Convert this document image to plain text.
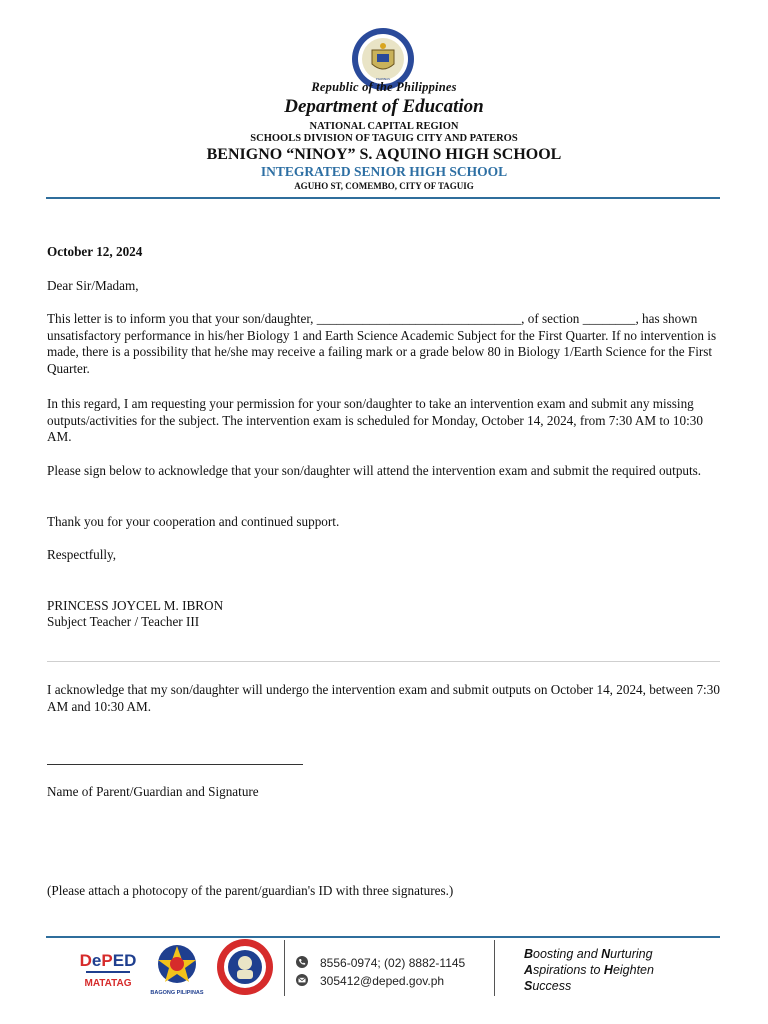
PILIPINAS
Republic of the Philippines
Department of Education
NATIONAL CAPITAL REGION
SCHOOLS DIVISION OF TAGUIG CITY AND PATEROS
BENIGNO “NINOY” S. AQUINO HIGH SCHOOL
INTEGRATED SENIOR HIGH SCHOOL
AGUHO ST, COMEMBO, CITY OF TAGUIG
October 12, 2024
Dear Sir/Madam,
This letter is to inform you that your son/daughter, _______________________________, of section ________, has shown unsatisfactory performance in his/her Biology 1 and Earth Science Academic Subject for the First Quarter. If no intervention is made, there is a possibility that he/she may receive a failing mark or a grade below 80 in Biology 1/Earth Science for the First Quarter.
In this regard, I am requesting your permission for your son/daughter to take an intervention exam and submit any missing outputs/activities for the subject. The intervention exam is scheduled for Monday, October 14, 2024, from 7:30 AM to 10:30 AM.
Please sign below to acknowledge that your son/daughter will attend the intervention exam and submit the required outputs.
Thank you for your cooperation and continued support.
Respectfully,
PRINCESS JOYCEL M. IBRON
Subject Teacher / Teacher III
I acknowledge that my son/daughter will undergo the intervention exam and submit outputs on October 14, 2024, between 7:30 AM and 10:30 AM.
Name of Parent/Guardian and Signature
(Please attach a photocopy of the parent/guardian's ID with three signatures.)
DePED
MATATAG
BAGONG PILIPINAS
8556-0974; (02) 8882-1145
305412@deped.gov.ph
Boosting and Nurturing
Aspirations to Heighten
Success
